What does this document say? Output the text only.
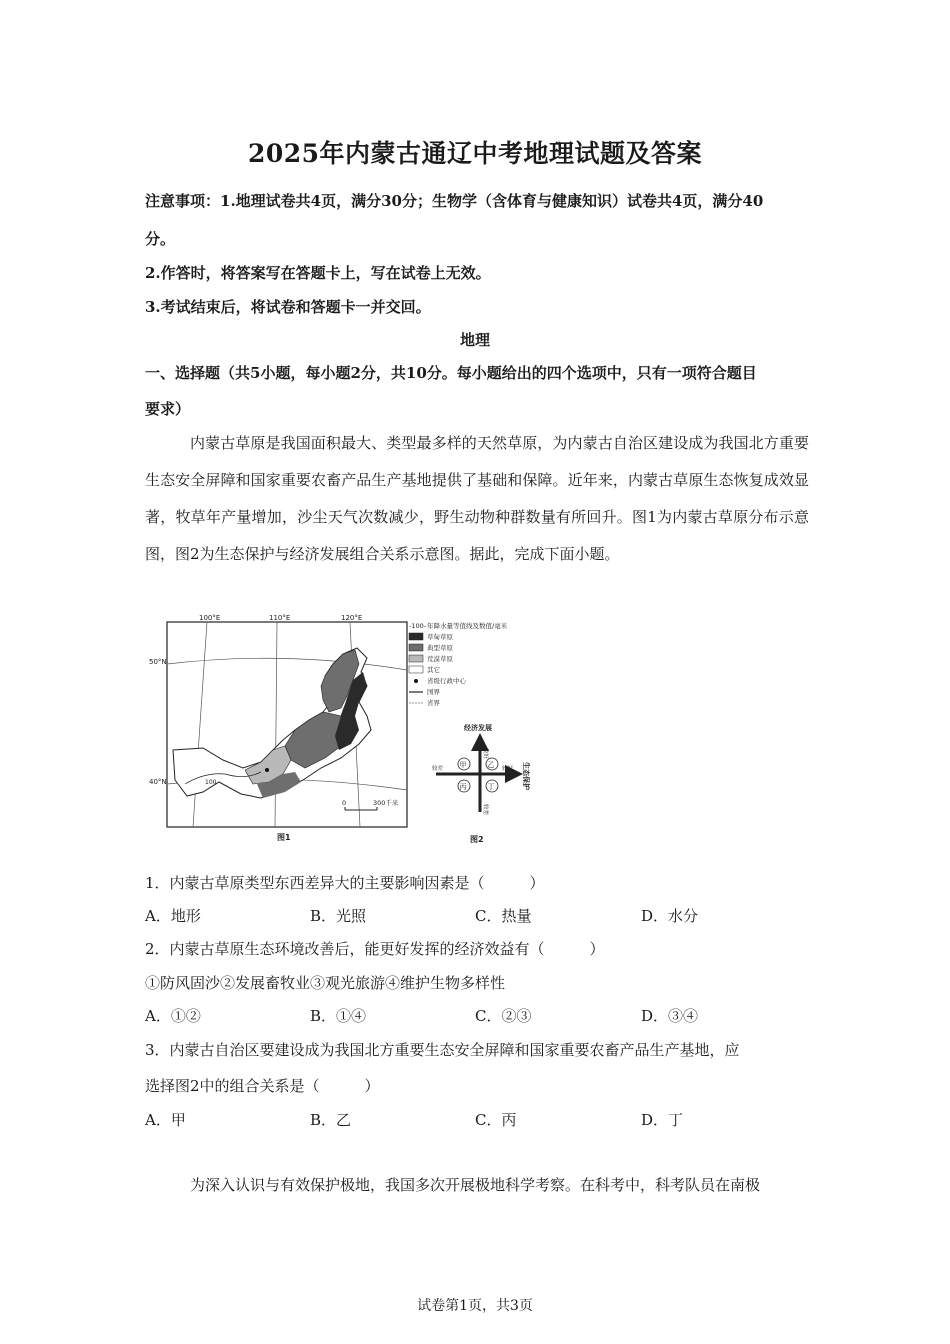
2025年内蒙古通辽中考地理试题及答案
注意事项：1.地理试卷共4页，满分30分；生物学（含体育与健康知识）试卷共4页，满分40
分。
2.作答时，将答案写在答题卡上，写在试卷上无效。
3.考试结束后，将试卷和答题卡一并交回。
地理
一、选择题（共5小题，每小题2分，共10分。每小题给出的四个选项中，只有一项符合题目
要求）
内蒙古草原是我国面积最大、类型最多样的天然草原，为内蒙古自治区建设成为我国北方重要生态安全屏障和国家重要农畜产品生产基地提供了基础和保障。近年来，内蒙古草原生态恢复成效显著，牧草年产量增加，沙尘天气次数减少，野生动物种群数量有所回升。图1为内蒙古草原分布示意图，图2为生态保护与经济发展组合关系示意图。据此，完成下面小题。
100°E	110°E	120°E
50°N
40°N	100
0	300千米
图1
-100- 年降水量等值线及数值/毫米
草甸草原
典型草原
荒漠草原
其它
省级行政中心
国界
省界
经济发展
生态保护
较好
较差
较差	较好
甲	乙
丙	丁
图2
1．内蒙古草原类型东西差异大的主要影响因素是（　　　）
A．地形	B．光照	C．热量	D．水分
2．内蒙古草原生态环境改善后，能更好发挥的经济效益有（　　　）
①防风固沙②发展畜牧业③观光旅游④维护生物多样性
A．①②	B．①④	C．②③	D．③④
3．内蒙古自治区要建设成为我国北方重要生态安全屏障和国家重要农畜产品生产基地，应
选择图2中的组合关系是（　　　）
A．甲	B．乙	C．丙	D．丁
为深入认识与有效保护极地，我国多次开展极地科学考察。在科考中，科考队员在南极
试卷第1页，共3页
